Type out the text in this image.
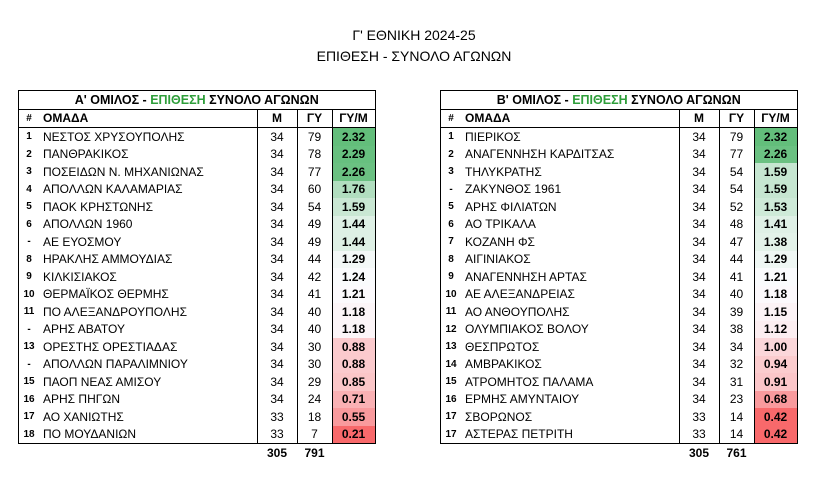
Γ' ΕΘΝΙΚΗ 2024-25
ΕΠΙΘΕΣΗ - ΣΥΝΟΛΟ ΑΓΩΝΩΝ
Α' ΟΜΙΛΟΣ - ΕΠΙΘΕΣΗ ΣΥΝΟΛΟ ΑΓΩΝΩΝ				
#	ΟΜΑΔΑ	Μ	ΓΥ	ΓΥ/Μ
1	ΝΕΣΤΟΣ ΧΡΥΣΟΥΠΟΛΗΣ	34	79	2.32
2	ΠΑΝΘΡΑΚΙΚΟΣ	34	78	2.29
3	ΠΟΣΕΙΔΩΝ Ν. ΜΗΧΑΝΙΩΝΑΣ	34	77	2.26
4	ΑΠΟΛΛΩΝ ΚΑΛΑΜΑΡΙΑΣ	34	60	1.76
5	ΠΑΟΚ ΚΡΗΣΤΩΝΗΣ	34	54	1.59
6	ΑΠΟΛΛΩΝ 1960	34	49	1.44
-	ΑΕ ΕΥΟΣΜΟΥ	34	49	1.44
8	ΗΡΑΚΛΗΣ ΑΜΜΟΥΔΙΑΣ	34	44	1.29
9	ΚΙΛΚΙΣΙΑΚΟΣ	34	42	1.24
10	ΘΕΡΜΑΪΚΟΣ ΘΕΡΜΗΣ	34	41	1.21
11	ΠΟ ΑΛΕΞΑΝΔΡΟΥΠΟΛΗΣ	34	40	1.18
-	ΑΡΗΣ ΑΒΑΤΟΥ	34	40	1.18
13	ΟΡΕΣΤΗΣ ΟΡΕΣΤΙΑΔΑΣ	34	30	0.88
-	ΑΠΟΛΛΩΝ ΠΑΡΑΛΙΜΝΙΟΥ	34	30	0.88
15	ΠΑΟΠ ΝΕΑΣ ΑΜΙΣΟΥ	34	29	0.85
16	ΑΡΗΣ ΠΗΓΩΝ	34	24	0.71
17	ΑΟ ΧΑΝΙΩΤΗΣ	33	18	0.55
18	ΠΟ ΜΟΥΔΑΝΙΩΝ	33	7	0.21
		305	791	
Β' ΟΜΙΛΟΣ - ΕΠΙΘΕΣΗ ΣΥΝΟΛΟ ΑΓΩΝΩΝ				
#	ΟΜΑΔΑ	Μ	ΓΥ	ΓΥ/Μ
1	ΠΙΕΡΙΚΟΣ	34	79	2.32
2	ΑΝΑΓΕΝΝΗΣΗ ΚΑΡΔΙΤΣΑΣ	34	77	2.26
3	ΤΗΛΥΚΡΑΤΗΣ	34	54	1.59
-	ΖΑΚΥΝΘΟΣ 1961	34	54	1.59
5	ΑΡΗΣ ΦΙΛΙΑΤΩΝ	34	52	1.53
6	ΑΟ ΤΡΙΚΑΛΑ	34	48	1.41
7	ΚΟΖΑΝΗ ΦΣ	34	47	1.38
8	ΑΙΓΙΝΙΑΚΟΣ	34	44	1.29
9	ΑΝΑΓΕΝΝΗΣΗ ΑΡΤΑΣ	34	41	1.21
10	ΑΕ ΑΛΕΞΑΝΔΡΕΙΑΣ	34	40	1.18
11	ΑΟ ΑΝΘΟΥΠΟΛΗΣ	34	39	1.15
12	ΟΛΥΜΠΙΑΚΟΣ ΒΟΛΟΥ	34	38	1.12
13	ΘΕΣΠΡΩΤΟΣ	34	34	1.00
14	ΑΜΒΡΑΚΙΚΟΣ	34	32	0.94
15	ΑΤΡΟΜΗΤΟΣ ΠΑΛΑΜΑ	34	31	0.91
16	ΕΡΜΗΣ ΑΜΥΝΤΑΙΟΥ	34	23	0.68
17	ΣΒΟΡΩΝΟΣ	33	14	0.42
17	ΑΣΤΕΡΑΣ ΠΕΤΡΙΤΗ	33	14	0.42
		305	761	
